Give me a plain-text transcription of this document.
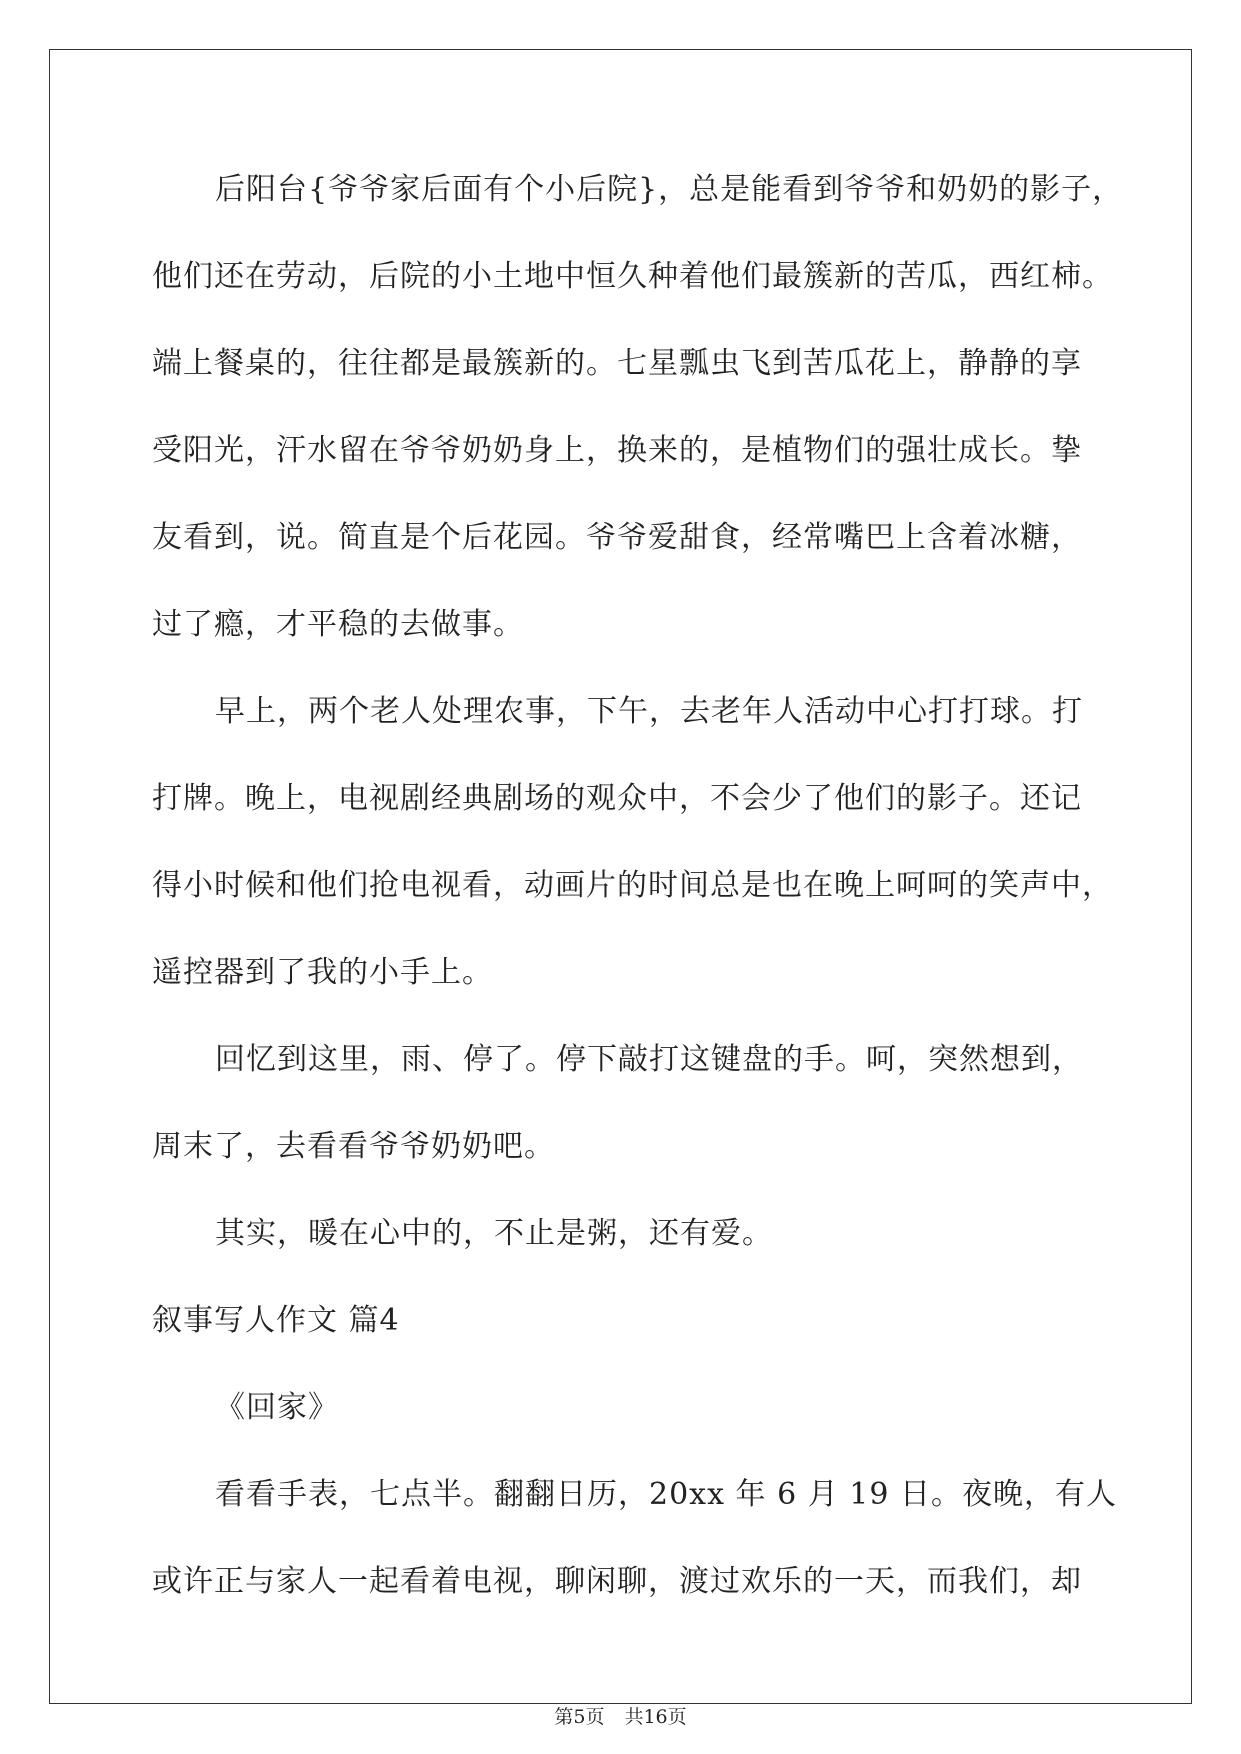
后阳台{爷爷家后面有个小后院}，总是能看到爷爷和奶奶的影子，
他们还在劳动，后院的小土地中恒久种着他们最簇新的苦瓜，西红柿。
端上餐桌的，往往都是最簇新的。七星瓢虫飞到苦瓜花上，静静的享
受阳光，汗水留在爷爷奶奶身上，换来的，是植物们的强壮成长。挚
友看到，说。简直是个后花园。爷爷爱甜食，经常嘴巴上含着冰糖，
过了瘾，才平稳的去做事。
早上，两个老人处理农事，下午，去老年人活动中心打打球。打
打牌。晚上，电视剧经典剧场的观众中，不会少了他们的影子。还记
得小时候和他们抢电视看，动画片的时间总是也在晚上呵呵的笑声中，
遥控器到了我的小手上。
回忆到这里，雨、停了。停下敲打这键盘的手。呵，突然想到，
周末了，去看看爷爷奶奶吧。
其实，暖在心中的，不止是粥，还有爱。
叙事写人作文 篇4
《回家》
看看手表，七点半。翻翻日历，20xx 年 6 月 19 日。夜晚，有人
或许正与家人一起看着电视，聊闲聊，渡过欢乐的一天，而我们，却
第5页 共16页
